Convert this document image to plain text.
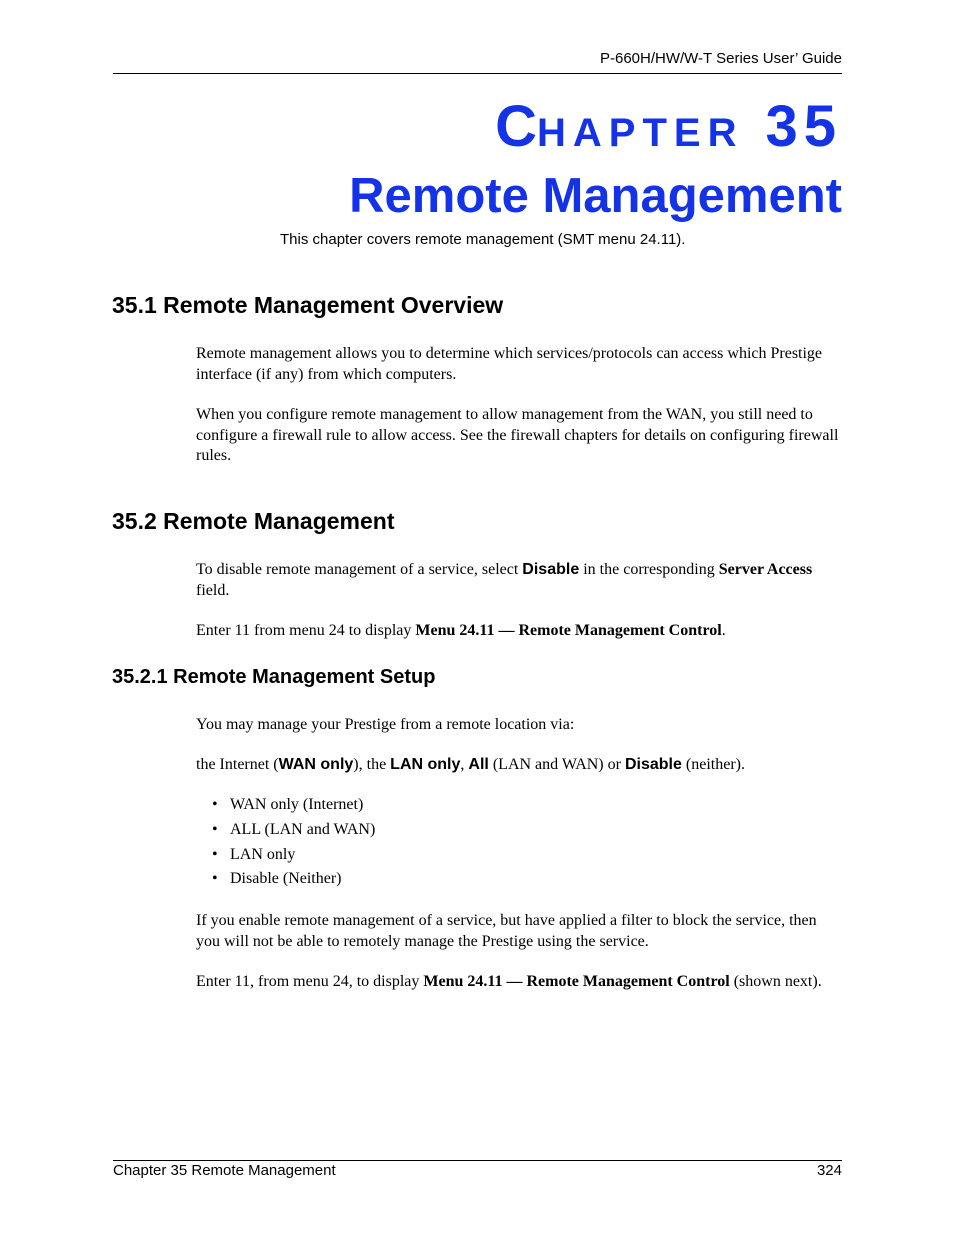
P-660H/HW/W-T Series User’ Guide
CHAPTER 35
Remote Management
This chapter covers remote management (SMT menu 24.11).
35.1 Remote Management Overview

Remote management allows you to determine which services/protocols can access which Prestige interface (if any) from which computers.

When you configure remote management to allow management from the WAN, you still need to configure a firewall rule to allow access. See the firewall chapters for details on configuring firewall rules.

35.2 Remote Management

To disable remote management of a service, select Disable in the corresponding Server Access field.

Enter 11 from menu 24 to display Menu 24.11 — Remote Management Control.

35.2.1 Remote Management Setup

You may manage your Prestige from a remote location via:

the Internet (WAN only), the LAN only, All (LAN and WAN) or Disable (neither).

• WAN only (Internet)
• ALL (LAN and WAN)
• LAN only
• Disable (Neither)

If you enable remote management of a service, but have applied a filter to block the service, then you will not be able to remotely manage the Prestige using the service.

Enter 11, from menu 24, to display Menu 24.11 — Remote Management Control (shown next).

Chapter 35 Remote Management	324
